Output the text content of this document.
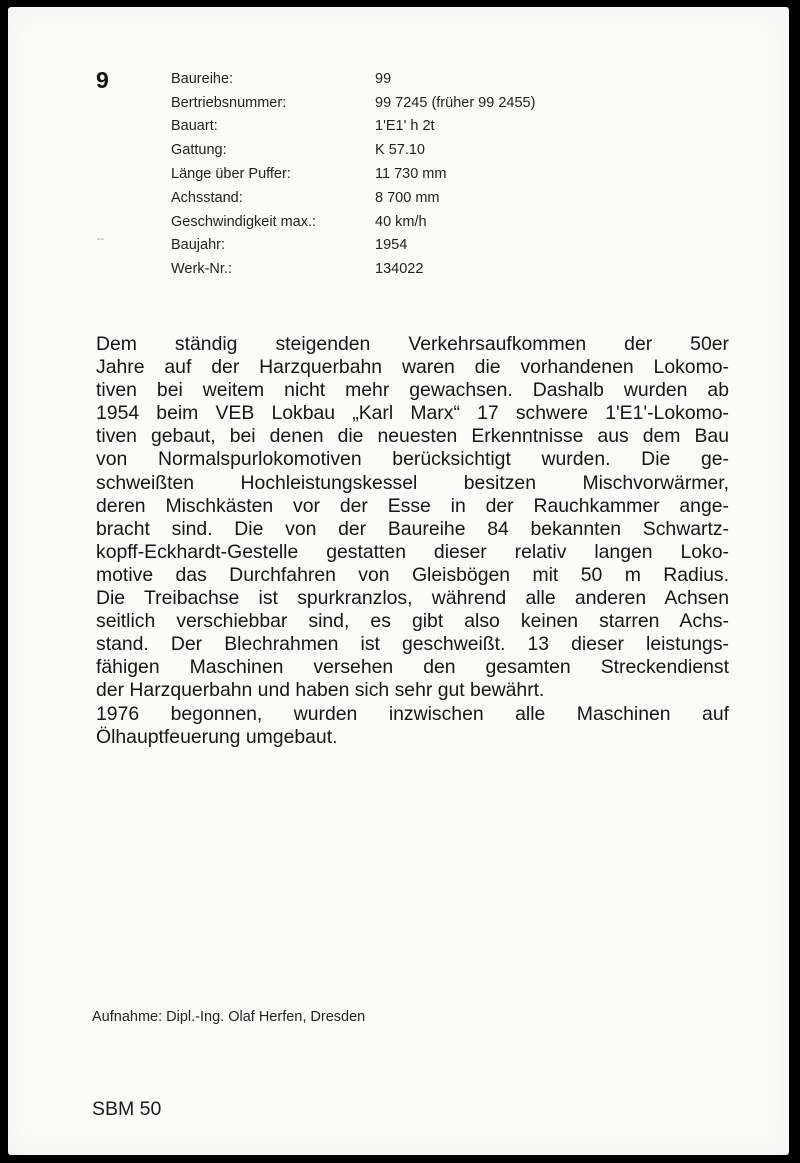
9	Baureihe:	99
Bertriebsnummer:	99 7245 (früher 99 2455)
Bauart:	1'E1' h 2t
Gattung:	K 57.10
Länge über Puffer:	11 730 mm
Achsstand:	8 700 mm
Geschwindigkeit max.:	40 km/h
Baujahr:	1954
Werk-Nr.:	134022
--
Dem ständig steigenden Verkehrsaufkommen der 50er
Jahre auf der Harzquerbahn waren die vorhandenen Lokomo-
tiven bei weitem nicht mehr gewachsen. Dashalb wurden ab
1954 beim VEB Lokbau „Karl Marx“ 17 schwere 1'E1'-Lokomo-
tiven gebaut, bei denen die neuesten Erkenntnisse aus dem Bau
von Normalspurlokomotiven berücksichtigt wurden. Die ge-
schweißten Hochleistungskessel besitzen Mischvorwärmer,
deren Mischkästen vor der Esse in der Rauchkammer ange-
bracht sind. Die von der Baureihe 84 bekannten Schwartz-
kopff-Eckhardt-Gestelle gestatten dieser relativ langen Loko-
motive das Durchfahren von Gleisbögen mit 50 m Radius.
Die Treibachse ist spurkranzlos, während alle anderen Achsen
seitlich verschiebbar sind, es gibt also keinen starren Achs-
stand. Der Blechrahmen ist geschweißt. 13 dieser leistungs-
fähigen Maschinen versehen den gesamten Streckendienst
der Harzquerbahn und haben sich sehr gut bewährt.
1976 begonnen, wurden inzwischen alle Maschinen auf
Ölhauptfeuerung umgebaut.
Aufnahme: Dipl.-Ing. Olaf Herfen, Dresden
SBM 50
